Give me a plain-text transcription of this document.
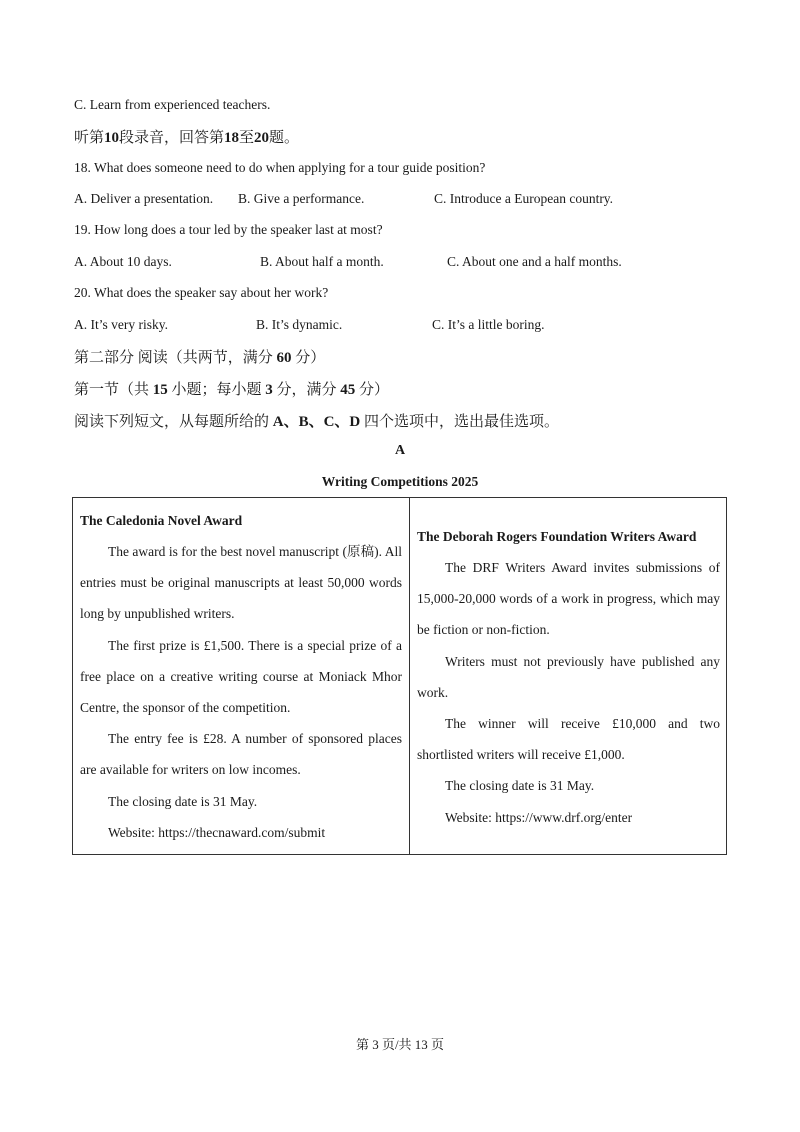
C. Learn from experienced teachers.
听第10段录音，回答第18至20题。
18. What does someone need to do when applying for a tour guide position?
A. Deliver a presentation. B. Give a performance.	C. Introduce a European country.
19. How long does a tour led by the speaker last at most?
A. About 10 days.	B. About half a month.	C. About one and a half months.
20. What does the speaker say about her work?
A. It’s very risky.	B. It’s dynamic.	C. It’s a little boring.
第二部分 阅读（共两节，满分 60 分）
第一节（共 15 小题；每小题 3 分，满分 45 分）
阅读下列短文，从每题所给的 A、B、C、D 四个选项中，选出最佳选项。
A
Writing Competitions 2025
The Caledonia Novel Award

The award is for the best novel manuscript (原稿). All entries must be original manuscripts at least 50,000 words long by unpublished writers.

The first prize is £1,500. There is a special prize of a free place on a creative writing course at Moniack Mhor Centre, the sponsor of the competition.

The entry fee is £28. A number of sponsored places are available for writers on low incomes.

The closing date is 31 May.

Website: https://thecnaward.com/submit

The Deborah Rogers Foundation Writers Award

The DRF Writers Award invites submissions of 15,000-20,000 words of a work in progress, which may be fiction or non-fiction.

Writers must not previously have published any work.

The winner will receive £10,000 and two shortlisted writers will receive £1,000.

The closing date is 31 May.

Website: https://www.drf.org/enter

第 3 页/共 13 页
